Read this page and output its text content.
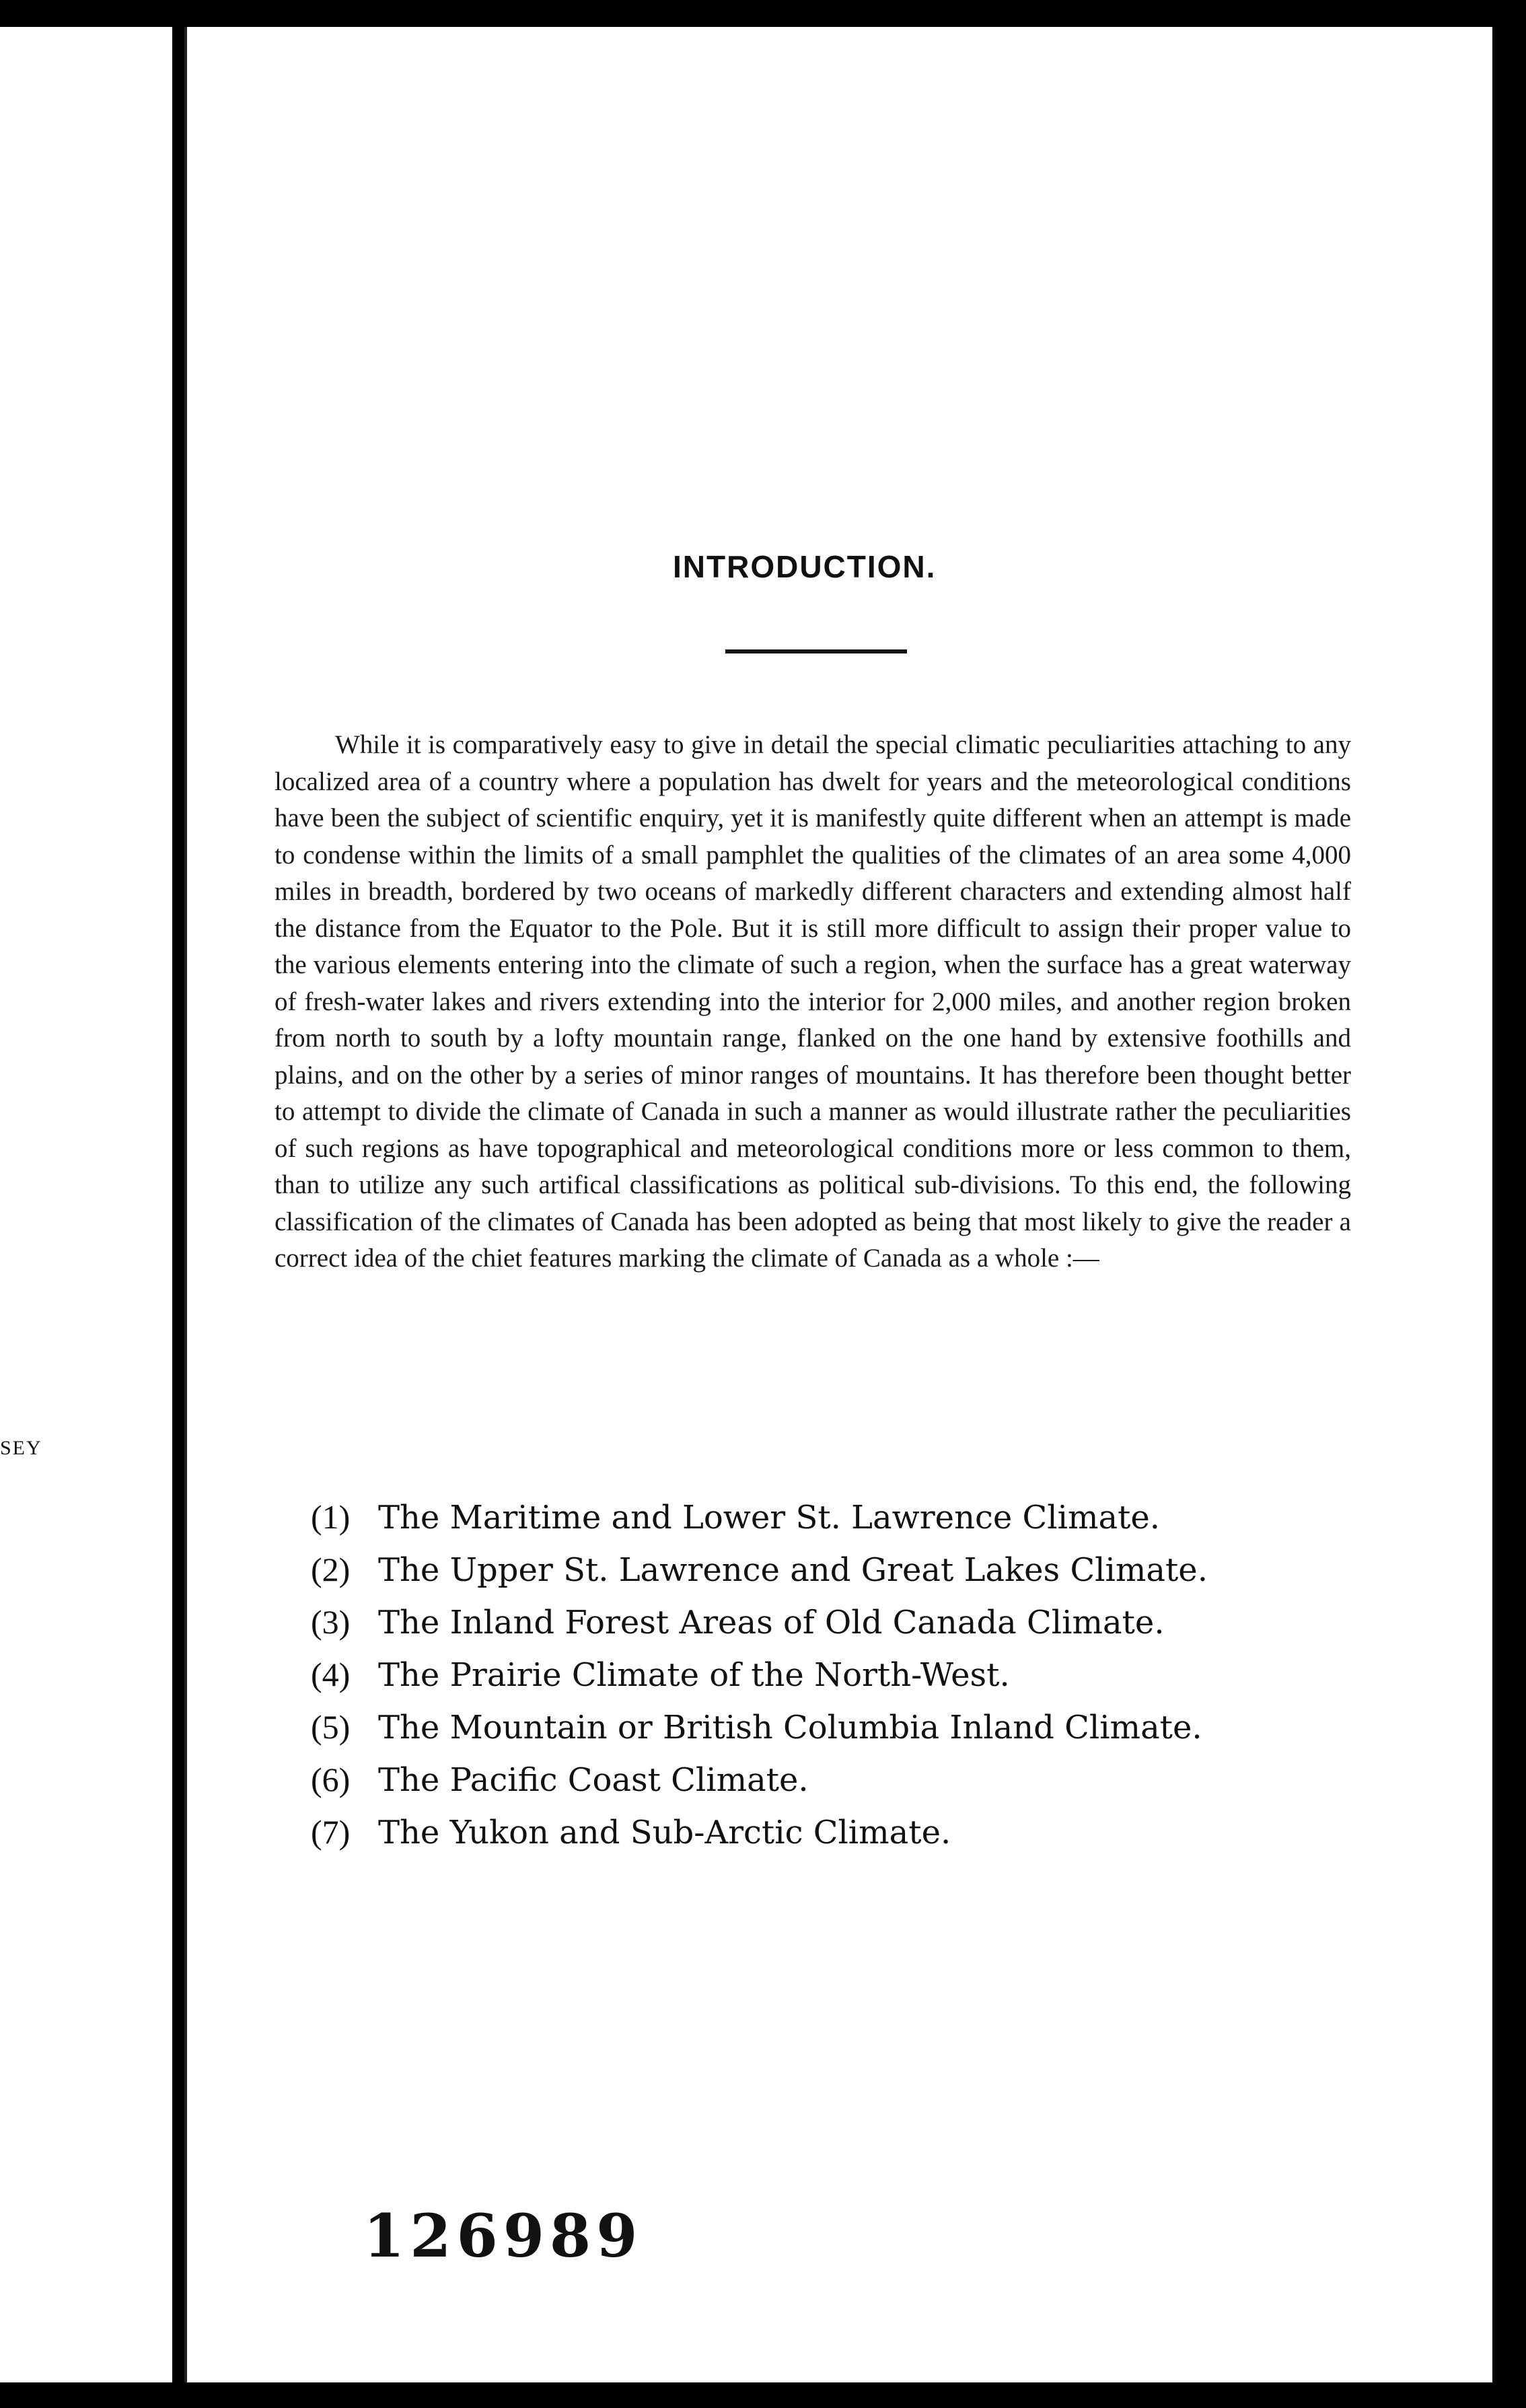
SEY
INTRODUCTION.

While it is comparatively easy to give in detail the special climatic peculiarities attaching to any localized area of a country where a population has dwelt for years and the meteorological conditions have been the subject of scientific enquiry, yet it is manifestly quite different when an attempt is made to condense within the limits of a small pamphlet the qualities of the climates of an area some 4,000 miles in breadth, bordered by two oceans of markedly different characters and extending almost half the distance from the Equator to the Pole. But it is still more difficult to assign their proper value to the various elements entering into the climate of such a region, when the surface has a great waterway of fresh-water lakes and rivers extending into the interior for 2,000 miles, and another region broken from north to south by a lofty mountain range, flanked on the one hand by extensive foothills and plains, and on the other by a series of minor ranges of mountains. It has therefore been thought better to attempt to divide the climate of Canada in such a manner as would illustrate rather the peculiarities of such regions as have topographical and meteorological conditions more or less common to them, than to utilize any such artifical classifications as political sub-divisions. To this end, the following classification of the climates of Canada has been adopted as being that most likely to give the reader a correct idea of the chiet features marking the climate of Canada as a whole :—

(1) The Maritime and Lower St. Lawrence Climate.
(2) The Upper St. Lawrence and Great Lakes Climate.
(3) The Inland Forest Areas of Old Canada Climate.
(4) The Prairie Climate of the North-West.
(5) The Mountain or British Columbia Inland Climate.
(6) The Pacific Coast Climate.
(7) The Yukon and Sub-Arctic Climate.
126989
